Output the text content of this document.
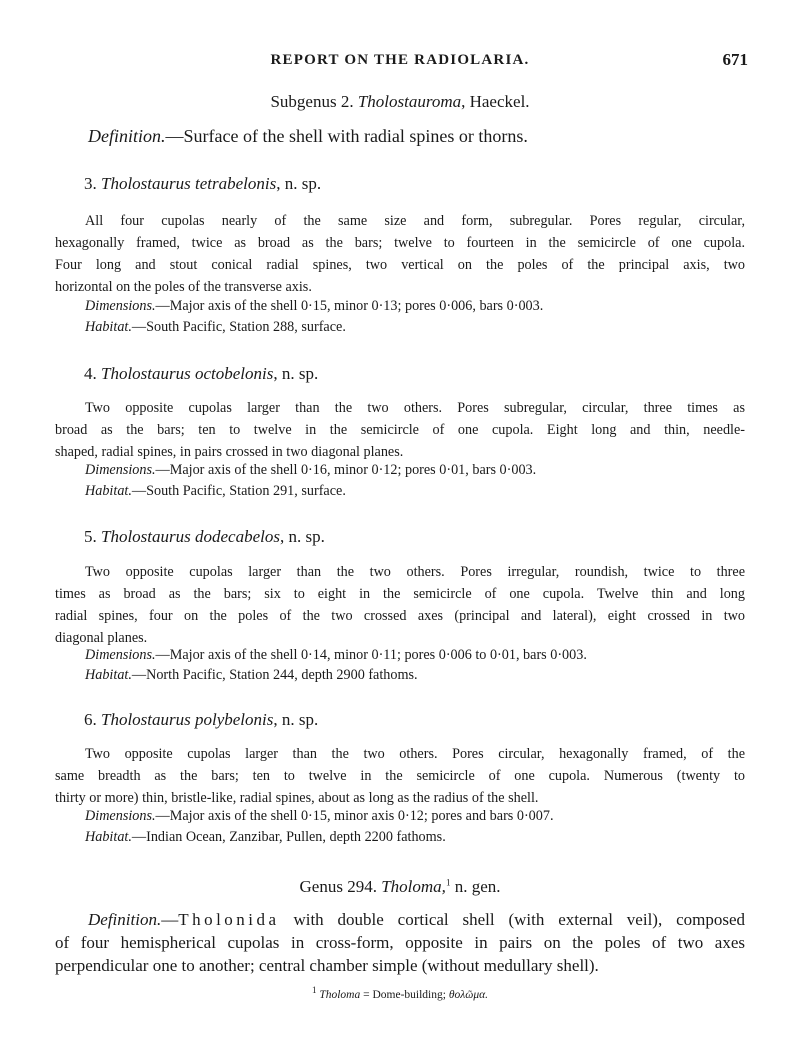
REPORT ON THE RADIOLARIA.	671
Subgenus 2. Tholostauroma, Haeckel.
Definition.—Surface of the shell with radial spines or thorns.
3. Tholostaurus tetrabelonis, n. sp.
All four cupolas nearly of the same size and form, subregular. Pores regular, circular,
hexagonally framed, twice as broad as the bars; twelve to fourteen in the semicircle of one cupola.
Four long and stout conical radial spines, two vertical on the poles of the principal axis, two
horizontal on the poles of the transverse axis.
Dimensions.—Major axis of the shell 0·15, minor 0·13; pores 0·006, bars 0·003.
Habitat.—South Pacific, Station 288, surface.
4. Tholostaurus octobelonis, n. sp.
Two opposite cupolas larger than the two others. Pores subregular, circular, three times as
broad as the bars; ten to twelve in the semicircle of one cupola. Eight long and thin, needle-
shaped, radial spines, in pairs crossed in two diagonal planes.
Dimensions.—Major axis of the shell 0·16, minor 0·12; pores 0·01, bars 0·003.
Habitat.—South Pacific, Station 291, surface.
5. Tholostaurus dodecabelos, n. sp.
Two opposite cupolas larger than the two others. Pores irregular, roundish, twice to three
times as broad as the bars; six to eight in the semicircle of one cupola. Twelve thin and long
radial spines, four on the poles of the two crossed axes (principal and lateral), eight crossed in two
diagonal planes.
Dimensions.—Major axis of the shell 0·14, minor 0·11; pores 0·006 to 0·01, bars 0·003.
Habitat.—North Pacific, Station 244, depth 2900 fathoms.
6. Tholostaurus polybelonis, n. sp.
Two opposite cupolas larger than the two others. Pores circular, hexagonally framed, of the
same breadth as the bars; ten to twelve in the semicircle of one cupola. Numerous (twenty to
thirty or more) thin, bristle-like, radial spines, about as long as the radius of the shell.
Dimensions.—Major axis of the shell 0·15, minor axis 0·12; pores and bars 0·007.
Habitat.—Indian Ocean, Zanzibar, Pullen, depth 2200 fathoms.
Genus 294. Tholoma,$^1$ n. gen.
Definition.—Tholonida with double cortical shell (with external veil), composed
of four hemispherical cupolas in cross-form, opposite in pairs on the poles of two axes
perpendicular one to another; central chamber simple (without medullary shell).
$^1$ Tholoma = Dome-building; θολῶμα.
